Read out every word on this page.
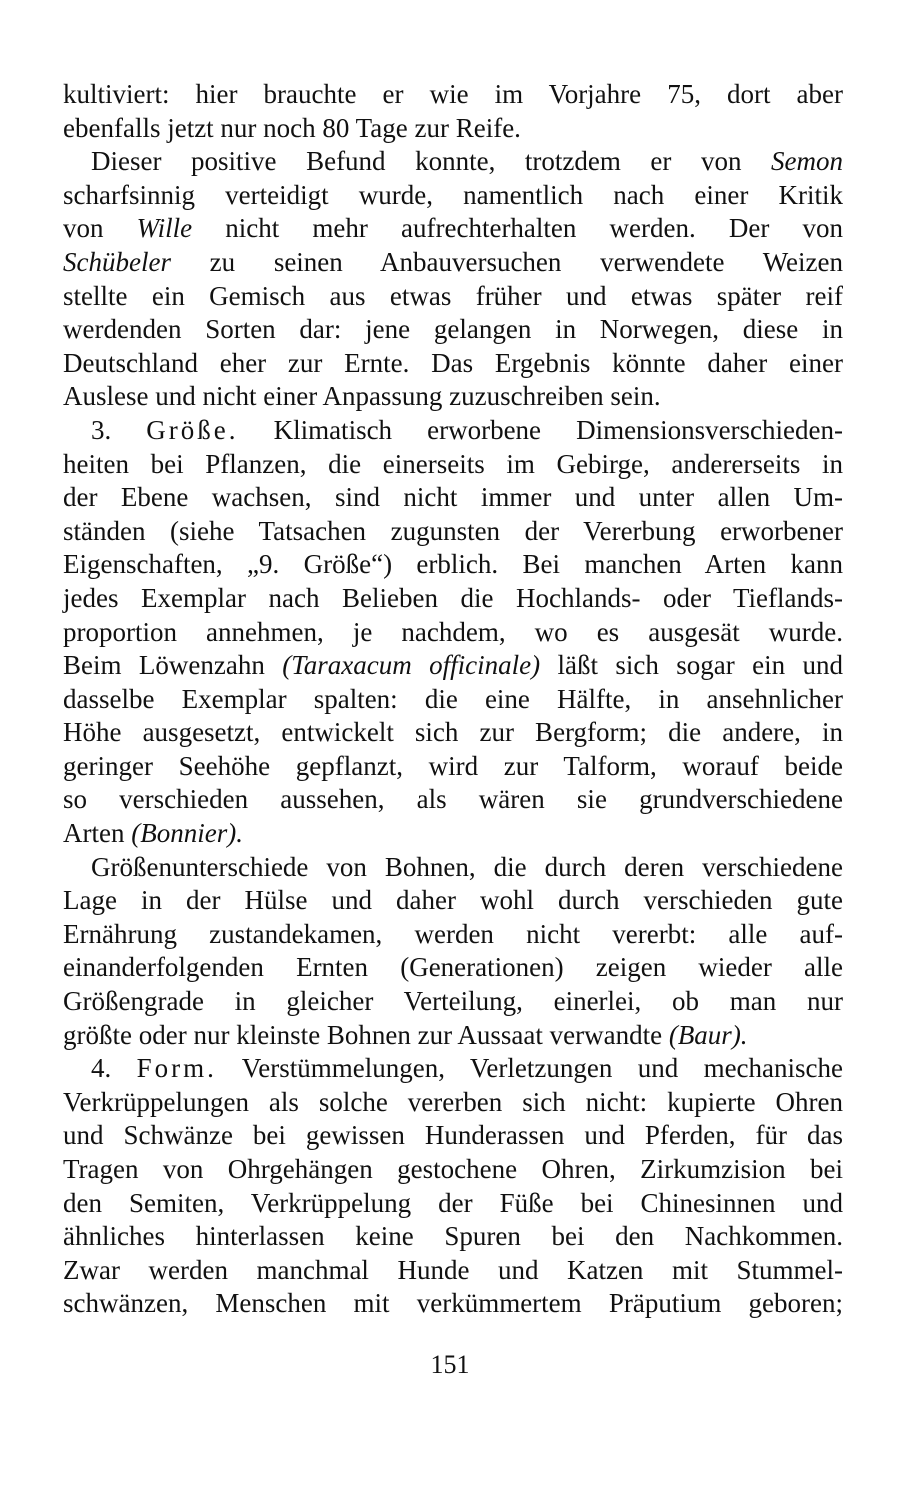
kultiviert: hier brauchte er wie im Vorjahre 75, dort aber
ebenfalls jetzt nur noch 80 Tage zur Reife.

Dieser positive Befund konnte, trotzdem er von Semon
scharfsinnig verteidigt wurde, namentlich nach einer Kritik
von Wille nicht mehr aufrechterhalten werden. Der von
Schübeler zu seinen Anbauversuchen verwendete Weizen
stellte ein Gemisch aus etwas früher und etwas später reif
werdenden Sorten dar: jene gelangen in Norwegen, diese in
Deutschland eher zur Ernte. Das Ergebnis könnte daher einer
Auslese und nicht einer Anpassung zuzuschreiben sein.

3. Größe. Klimatisch erworbene Dimensionsverschieden-
heiten bei Pflanzen, die einerseits im Gebirge, andererseits in
der Ebene wachsen, sind nicht immer und unter allen Um-
ständen (siehe Tatsachen zugunsten der Vererbung erworbener
Eigenschaften, „9. Größe“) erblich. Bei manchen Arten kann
jedes Exemplar nach Belieben die Hochlands- oder Tieflands-
proportion annehmen, je nachdem, wo es ausgesät wurde.
Beim Löwenzahn (Taraxacum officinale) läßt sich sogar ein und
dasselbe Exemplar spalten: die eine Hälfte, in ansehnlicher
Höhe ausgesetzt, entwickelt sich zur Bergform; die andere, in
geringer Seehöhe gepflanzt, wird zur Talform, worauf beide
so verschieden aussehen, als wären sie grundverschiedene
Arten (Bonnier).

Größenunterschiede von Bohnen, die durch deren verschiedene
Lage in der Hülse und daher wohl durch verschieden gute
Ernährung zustandekamen, werden nicht vererbt: alle auf-
einanderfolgenden Ernten (Generationen) zeigen wieder alle
Größengrade in gleicher Verteilung, einerlei, ob man nur
größte oder nur kleinste Bohnen zur Aussaat verwandte (Baur).

4. Form. Verstümmelungen, Verletzungen und mechanische
Verkrüppelungen als solche vererben sich nicht: kupierte Ohren
und Schwänze bei gewissen Hunderassen und Pferden, für das
Tragen von Ohrgehängen gestochene Ohren, Zirkumzision bei
den Semiten, Verkrüppelung der Füße bei Chinesinnen und
ähnliches hinterlassen keine Spuren bei den Nachkommen.
Zwar werden manchmal Hunde und Katzen mit Stummel-
schwänzen, Menschen mit verkümmertem Präputium geboren;

151
